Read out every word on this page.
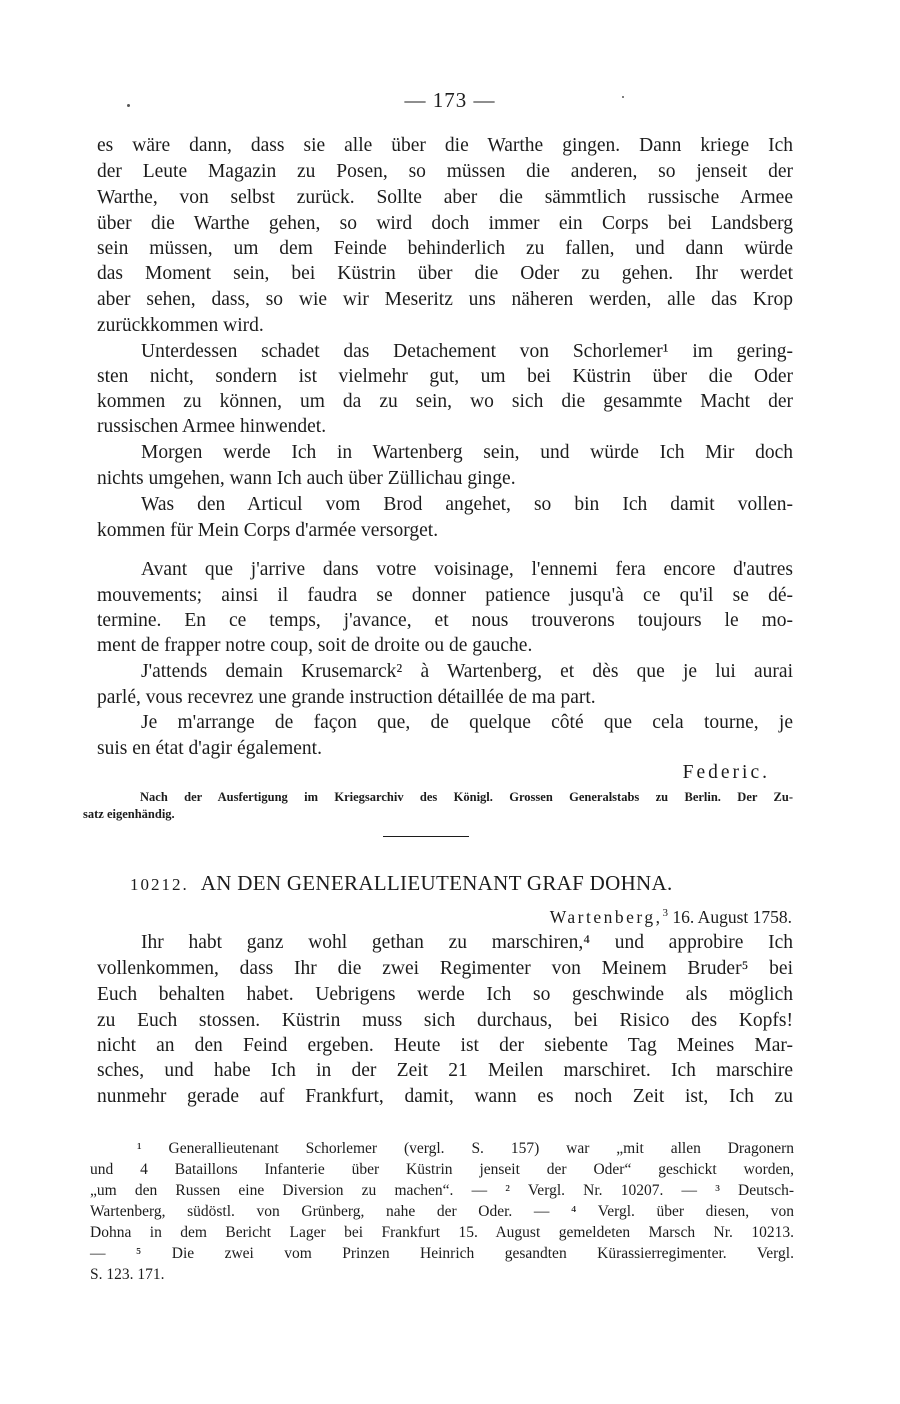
— 173 —

es wäre dann, dass sie alle über die Warthe gingen. Dann kriege Ich

der Leute Magazin zu Posen, so müssen die anderen, so jenseit der

Warthe, von selbst zurück. Sollte aber die sämmtlich russische Armee

über die Warthe gehen, so wird doch immer ein Corps bei Landsberg

sein müssen, um dem Feinde behinderlich zu fallen, und dann würde

das Moment sein, bei Küstrin über die Oder zu gehen. Ihr werdet

aber sehen, dass, so wie wir Meseritz uns näheren werden, alle das Krop

zurückkommen wird.

Unterdessen schadet das Detachement von Schorlemer¹ im gering-

sten nicht, sondern ist vielmehr gut, um bei Küstrin über die Oder

kommen zu können, um da zu sein, wo sich die gesammte Macht der

russischen Armee hinwendet.

Morgen werde Ich in Wartenberg sein, und würde Ich Mir doch

nichts umgehen, wann Ich auch über Züllichau ginge.

Was den Articul vom Brod angehet, so bin Ich damit vollen-

kommen für Mein Corps d'armée versorget.

Avant que j'arrive dans votre voisinage, l'ennemi fera encore d'autres

mouvements; ainsi il faudra se donner patience jusqu'à ce qu'il se dé-

termine. En ce temps, j'avance, et nous trouverons toujours le mo-

ment de frapper notre coup, soit de droite ou de gauche.

J'attends demain Krusemarck² à Wartenberg, et dès que je lui aurai

parlé, vous recevrez une grande instruction détaillée de ma part.

Je m'arrange de façon que, de quelque côté que cela tourne, je

suis en état d'agir également.

Federic.

Nach der Ausfertigung im Kriegsarchiv des Königl. Grossen Generalstabs zu Berlin. Der Zu-

satz eigenhändig.

10212. AN DEN GENERALLIEUTENANT GRAF DOHNA.

Wartenberg,$^3$ 16. August 1758.

Ihr habt ganz wohl gethan zu marschiren,⁴ und approbire Ich

vollenkommen, dass Ihr die zwei Regimenter von Meinem Bruder⁵ bei

Euch behalten habet. Uebrigens werde Ich so geschwinde als möglich

zu Euch stossen. Küstrin muss sich durchaus, bei Risico des Kopfs!

nicht an den Feind ergeben. Heute ist der siebente Tag Meines Mar-

sches, und habe Ich in der Zeit 21 Meilen marschiret. Ich marschire

nunmehr gerade auf Frankfurt, damit, wann es noch Zeit ist, Ich zu

¹ Generallieutenant Schorlemer (vergl. S. 157) war „mit allen Dragonern

und 4 Bataillons Infanterie über Küstrin jenseit der Oder“ geschickt worden,

„um den Russen eine Diversion zu machen“. — ² Vergl. Nr. 10207. — ³ Deutsch-

Wartenberg, südöstl. von Grünberg, nahe der Oder. — ⁴ Vergl. über diesen, von

Dohna in dem Bericht Lager bei Frankfurt 15. August gemeldeten Marsch Nr. 10213.

— ⁵ Die zwei vom Prinzen Heinrich gesandten Kürassierregimenter. Vergl.

S. 123. 171.
